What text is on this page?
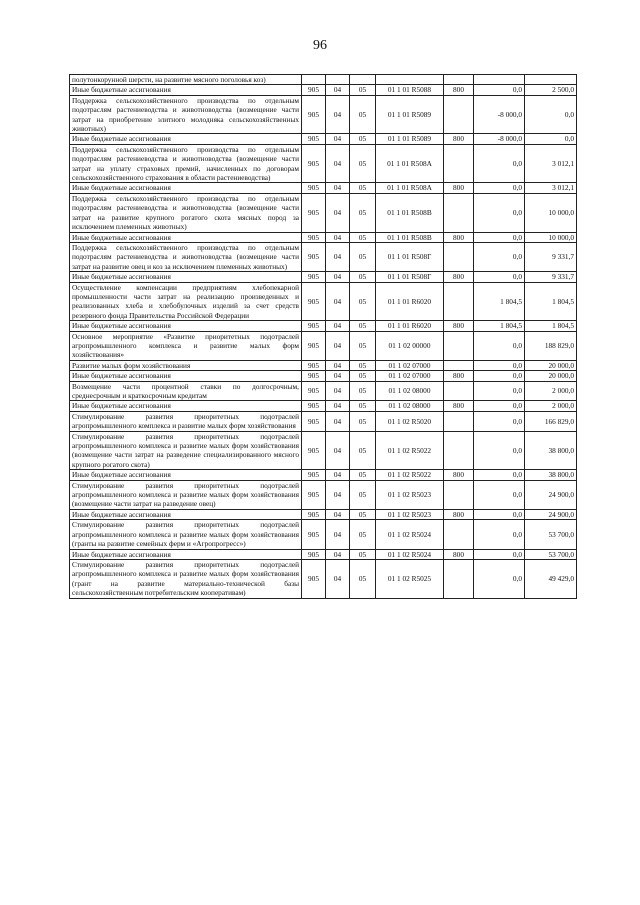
96
полутонкорунной шерсти, на развитие мясного поголовья коз)							
Иные бюджетные ассигнования	905	04	05	01 1 01 R5088	800	0,0	2 500,0
Поддержка сельскохозяйственного производства по отдельным подотраслям растениеводства и животноводства (возмещение части затрат на приобретение элитного молодняка сельскохозяйственных животных)	905	04	05	01 1 01 R5089		-8 000,0	0,0
Иные бюджетные ассигнования	905	04	05	01 1 01 R5089	800	-8 000,0	0,0
Поддержка сельскохозяйственного производства по отдельным подотраслям растениеводства и животноводства (возмещение части затрат на уплату страховых премий, начисленных по договорам сельскохозяйственного страхования в области растениеводства)	905	04	05	01 1 01 R508А		0,0	3 012,1
Иные бюджетные ассигнования	905	04	05	01 1 01 R508А	800	0,0	3 012,1
Поддержка сельскохозяйственного производства по отдельным подотраслям растениеводства и животноводства (возмещение части затрат на развитие крупного рогатого скота мясных пород за исключением племенных животных)	905	04	05	01 1 01 R508В		0,0	10 000,0
Иные бюджетные ассигнования	905	04	05	01 1 01 R508В	800	0,0	10 000,0
Поддержка сельскохозяйственного производства по отдельным подотраслям растениеводства и животноводства (возмещение части затрат на развитие овец и коз за исключением племенных животных)	905	04	05	01 1 01 R508Г		0,0	9 331,7
Иные бюджетные ассигнования	905	04	05	01 1 01 R508Г	800	0,0	9 331,7
Осуществление компенсации предприятиям хлебопекарной промышленности части затрат на реализацию произведенных и реализованных хлеба и хлебобулочных изделий за счет средств резервного фонда Правительства Российской Федерации	905	04	05	01 1 01 R6020		1 804,5	1 804,5
Иные бюджетные ассигнования	905	04	05	01 1 01 R6020	800	1 804,5	1 804,5
Основное мероприятие «Развитие приоритетных подотраслей агропромышленного комплекса и развитие малых форм хозяйствования»	905	04	05	01 1 02 00000		0,0	188 829,0
Развитие малых форм хозяйствования	905	04	05	01 1 02 07000		0,0	20 000,0
Иные бюджетные ассигнования	905	04	05	01 1 02 07000	800	0,0	20 000,0
Возмещение части процентной ставки по долгосрочным, среднесрочным и краткосрочным кредитам	905	04	05	01 1 02 08000		0,0	2 000,0
Иные бюджетные ассигнования	905	04	05	01 1 02 08000	800	0,0	2 000,0
Стимулирование развития приоритетных подотраслей агропромышленного комплекса и развитие малых форм хозяйствования	905	04	05	01 1 02 R5020		0,0	166 829,0
Стимулирование развития приоритетных подотраслей агропромышленного комплекса и развитие малых форм хозяйствования (возмещение части затрат на разведение специализированного мясного крупного рогатого скота)	905	04	05	01 1 02 R5022		0,0	38 800,0
Иные бюджетные ассигнования	905	04	05	01 1 02 R5022	800	0,0	38 800,0
Стимулирование развития приоритетных подотраслей агропромышленного комплекса и развитие малых форм хозяйствования (возмещение части затрат на разведение овец)	905	04	05	01 1 02 R5023		0,0	24 900,0
Иные бюджетные ассигнования	905	04	05	01 1 02 R5023	800	0,0	24 900,0
Стимулирование развития приоритетных подотраслей агропромышленного комплекса и развитие малых форм хозяйствования (гранты на развитие семейных ферм и «Агропрогресс»)	905	04	05	01 1 02 R5024		0,0	53 700,0
Иные бюджетные ассигнования	905	04	05	01 1 02 R5024	800	0,0	53 700,0
Стимулирование развития приоритетных подотраслей агропромышленного комплекса и развитие малых форм хозяйствования (грант на развитие материально-технической базы сельскохозяйственным потребительским кооперативам)	905	04	05	01 1 02 R5025		0,0	49 429,0
